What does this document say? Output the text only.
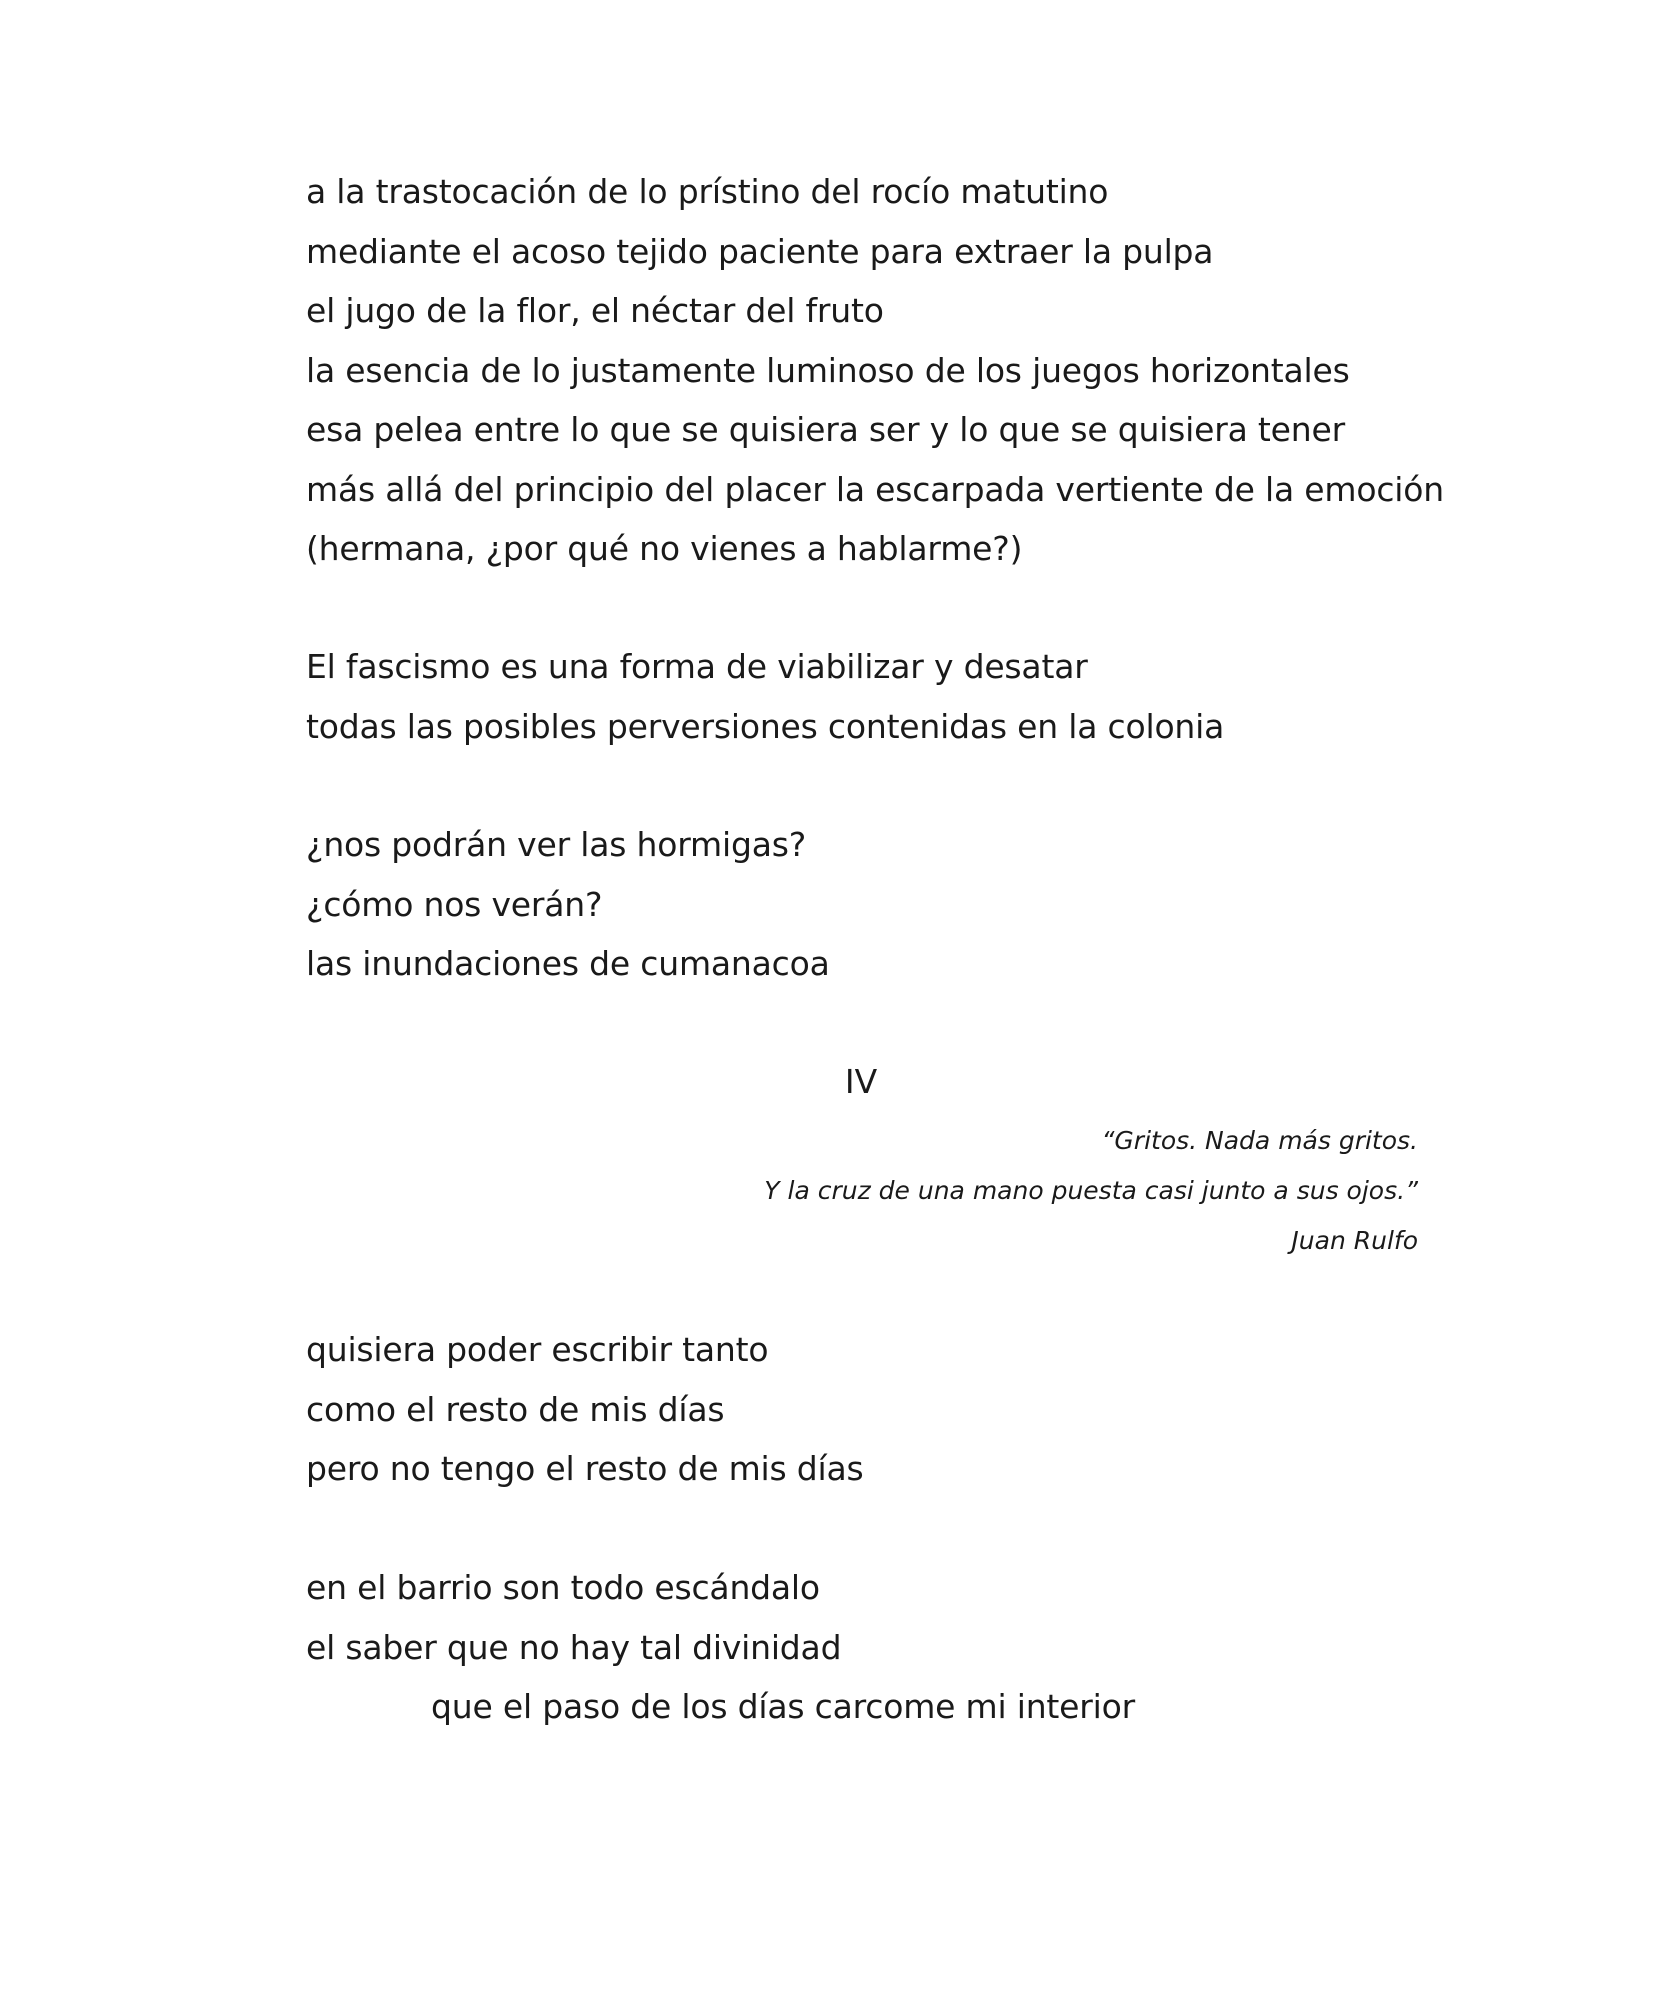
a la trastocación de lo prístino del rocío matutino
mediante el acoso tejido paciente para extraer la pulpa
el jugo de la flor, el néctar del fruto
la esencia de lo justamente luminoso de los juegos horizontales
esa pelea entre lo que se quisiera ser y lo que se quisiera tener
más allá del principio del placer la escarpada vertiente de la emoción
(hermana, ¿por qué no vienes a hablarme?)
El fascismo es una forma de viabilizar y desatar
todas las posibles perversiones contenidas en la colonia
¿nos podrán ver las hormigas?
¿cómo nos verán?
las inundaciones de cumanacoa
IV
“Gritos. Nada más gritos.
Y la cruz de una mano puesta casi junto a sus ojos.”
Juan Rulfo
quisiera poder escribir tanto
como el resto de mis días
pero no tengo el resto de mis días
en el barrio son todo escándalo
el saber que no hay tal divinidad
que el paso de los días carcome mi interior
